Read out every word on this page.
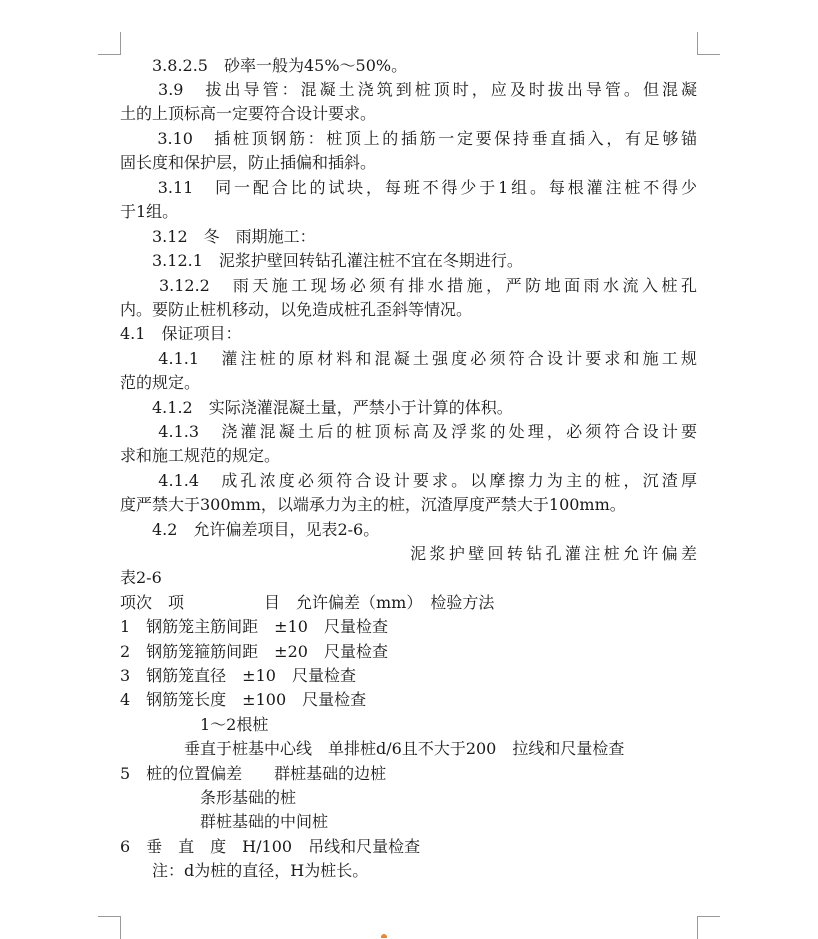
　　3.8.2.5　砂率一般为45%～50%。
　　3.9　拔出导管：混凝土浇筑到桩顶时，应及时拔出导管。但混凝
土的上顶标高一定要符合设计要求。
　　3.10　插桩顶钢筋：桩顶上的插筋一定要保持垂直插入，有足够锚
固长度和保护层，防止插偏和插斜。
　　3.11　同一配合比的试块，每班不得少于1组。每根灌注桩不得少
于1组。
　　3.12　冬　雨期施工：
　　3.12.1　泥浆护壁回转钻孔灌注桩不宜在冬期进行。
　　3.12.2　雨天施工现场必须有排水措施，严防地面雨水流入桩孔
内。要防止桩机移动，以免造成桩孔歪斜等情况。
4.1　保证项目：
　　4.1.1　灌注桩的原材料和混凝土强度必须符合设计要求和施工规
范的规定。
　　4.1.2　实际浇灌混凝土量，严禁小于计算的体积。
　　4.1.3　浇灌混凝土后的桩顶标高及浮浆的处理，必须符合设计要
求和施工规范的规定。
　　4.1.4　成孔浓度必须符合设计要求。以摩擦力为主的桩，沉渣厚
度严禁大于300mm，以端承力为主的桩，沉渣厚度严禁大于100mm。
　　4.2　允许偏差项目，见表2-6。
　　　　　　　　　　　　　　　泥浆护壁回转钻孔灌注桩允许偏差
表2-6
项次　项　　　　　目　允许偏差（mm）　检验方法
1　钢筋笼主筋间距　±10　尺量检查
2　钢筋笼箍筋间距　±20　尺量检查
3　钢筋笼直径　±10　尺量检查
4　钢筋笼长度　±100　尺量检查
　　　　　1～2根桩
　　　　垂直于桩基中心线　单排桩d/6且不大于200　拉线和尺量检查
5　桩的位置偏差　　群桩基础的边桩
　　　　　条形基础的桩
　　　　　群桩基础的中间桩
6　垂　直　度　H/100　吊线和尺量检查
　　注：d为桩的直径，H为桩长。
